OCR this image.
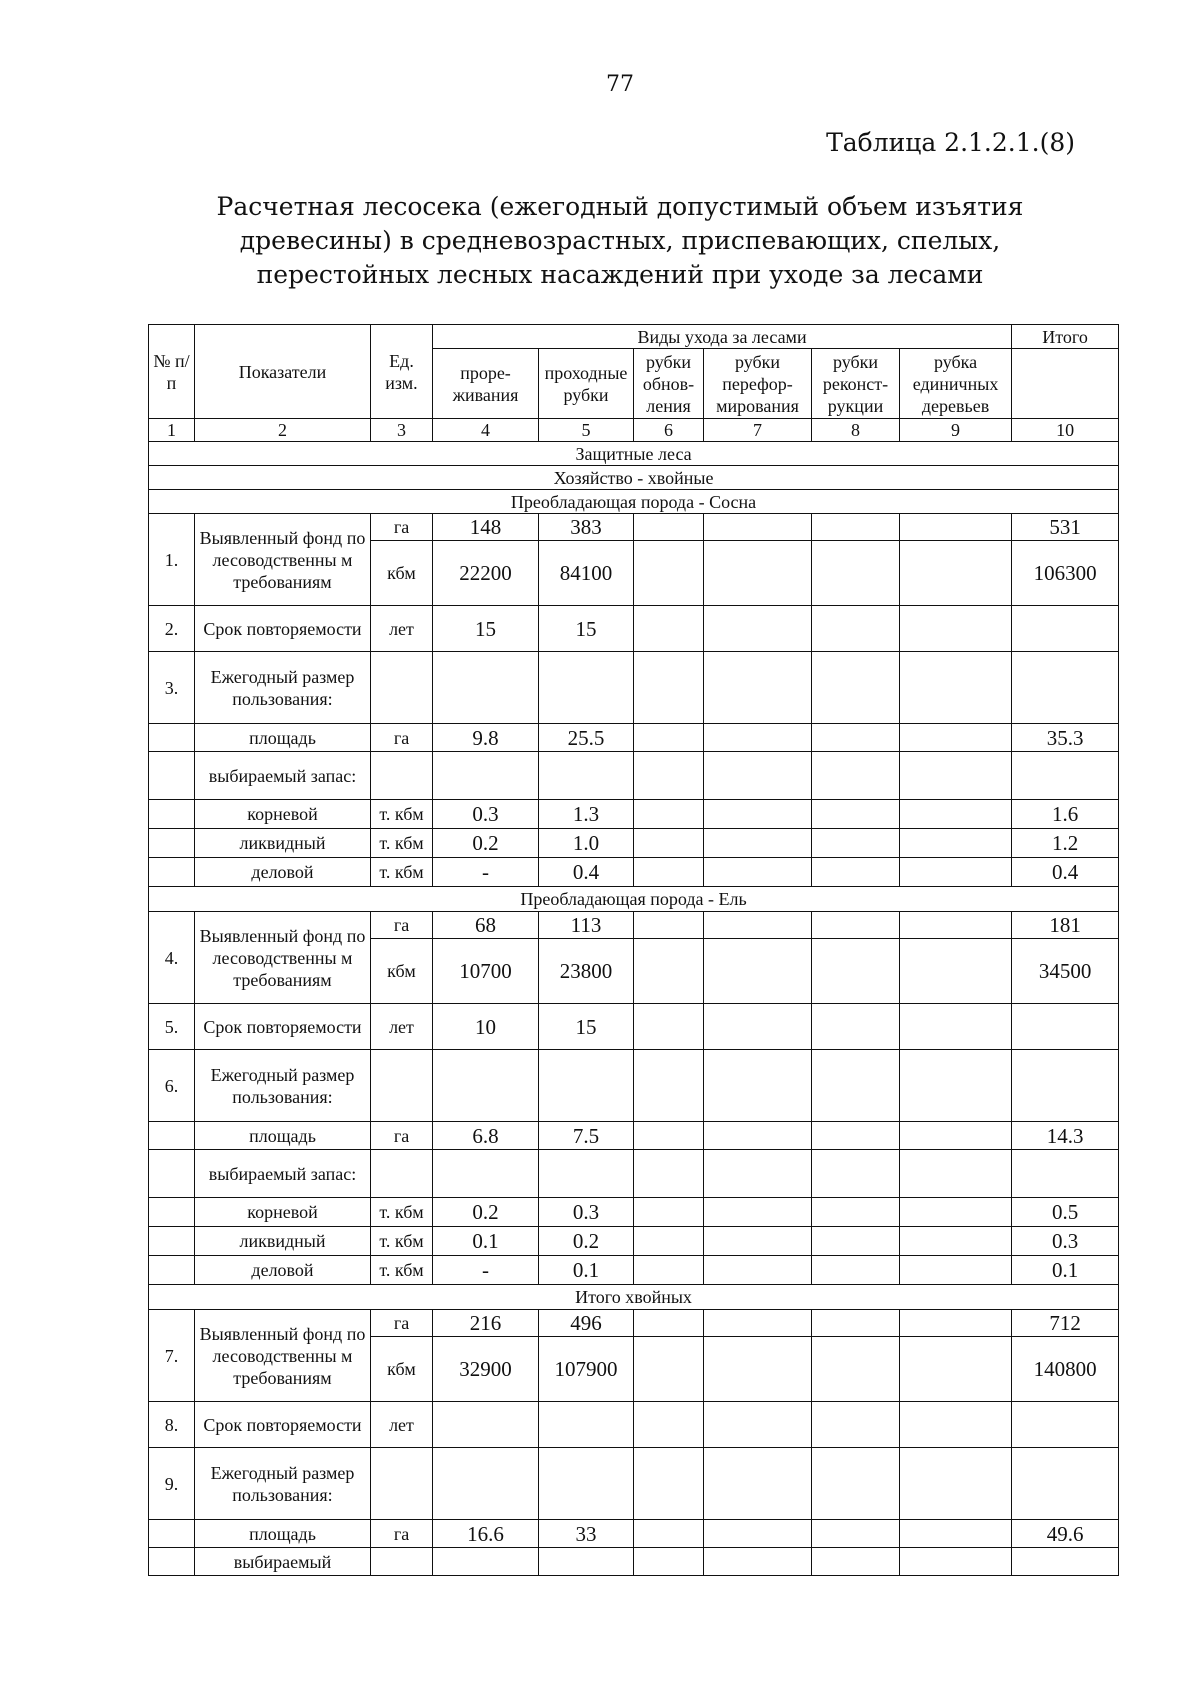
77
Таблица 2.1.2.1.(8)
Расчетная лесосека (ежегодный допустимый объем изъятия древесины) в средневозрастных, приспевающих, спелых, перестойных лесных насаждений при уходе за лесами
№ п/п	Показатели	Ед. изм.	Виды ухода за лесами						Итого
			проре-живания	проходные рубки	рубки обнов-ления	рубки перефор-мирования	рубки реконст-рукции	рубка единичных деревьев	
1	2	3	4	5	6	7	8	9	10
Защитные леса									
Хозяйство - хвойные									
Преобладающая порода - Сосна									
1.	Выявленный фонд по лесоводственны м требованиям	га	148	383					531
		кбм	22200	84100					106300
2.	Срок повторяемости	лет	15	15					
3.	Ежегодный размер пользования:								
	площадь	га	9.8	25.5					35.3
	выбираемый запас:								
	корневой	т. кбм	0.3	1.3					1.6
	ликвидный	т. кбм	0.2	1.0					1.2
	деловой	т. кбм	-	0.4					0.4
Преобладающая порода - Ель									
4.	Выявленный фонд по лесоводственны м требованиям	га	68	113					181
		кбм	10700	23800					34500
5.	Срок повторяемости	лет	10	15					
6.	Ежегодный размер пользования:								
	площадь	га	6.8	7.5					14.3
	выбираемый запас:								
	корневой	т. кбм	0.2	0.3					0.5
	ликвидный	т. кбм	0.1	0.2					0.3
	деловой	т. кбм	-	0.1					0.1
Итого хвойных									
7.	Выявленный фонд по лесоводственны м требованиям	га	216	496					712
		кбм	32900	107900					140800
8.	Срок повторяемости	лет							
9.	Ежегодный размер пользования:								
	площадь	га	16.6	33					49.6
	выбираемый								
